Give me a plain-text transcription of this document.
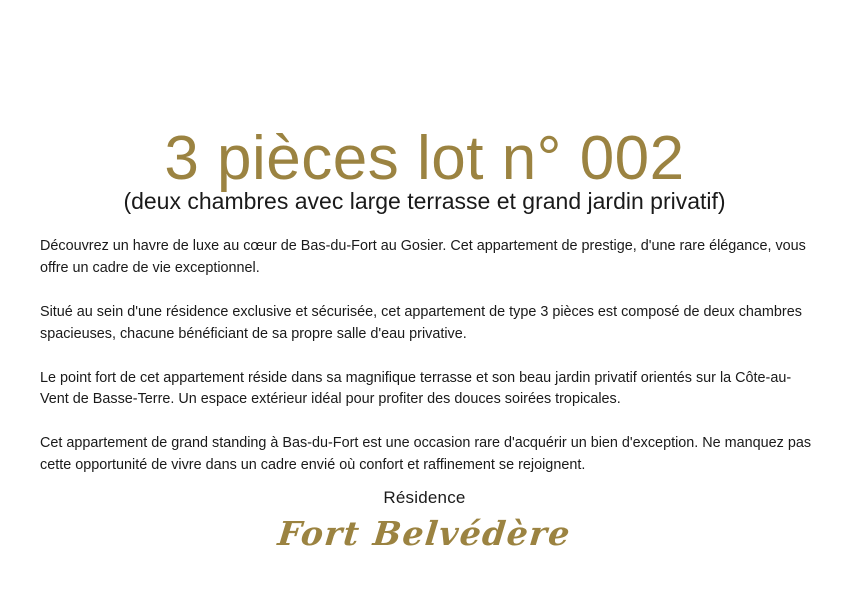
3 pièces lot n° 002
(deux chambres avec large terrasse et grand jardin privatif)

Découvrez un havre de luxe au cœur de Bas-du-Fort au Gosier. Cet appartement de prestige, d'une rare élégance, vous offre un cadre de vie exceptionnel.

Situé au sein d'une résidence exclusive et sécurisée, cet appartement de type 3 pièces est composé de deux chambres spacieuses, chacune bénéficiant de sa propre salle d'eau privative.

Le point fort de cet appartement réside dans sa magnifique terrasse et son beau jardin privatif orientés sur la Côte-au-Vent de Basse-Terre. Un espace extérieur idéal pour profiter des douces soirées tropicales.

Cet appartement de grand standing à Bas-du-Fort est une occasion rare d'acquérir un bien d'exception. Ne manquez pas cette opportunité de vivre dans un cadre envié où confort et raffinement se rejoignent.

Résidence
Fort Belvédère
